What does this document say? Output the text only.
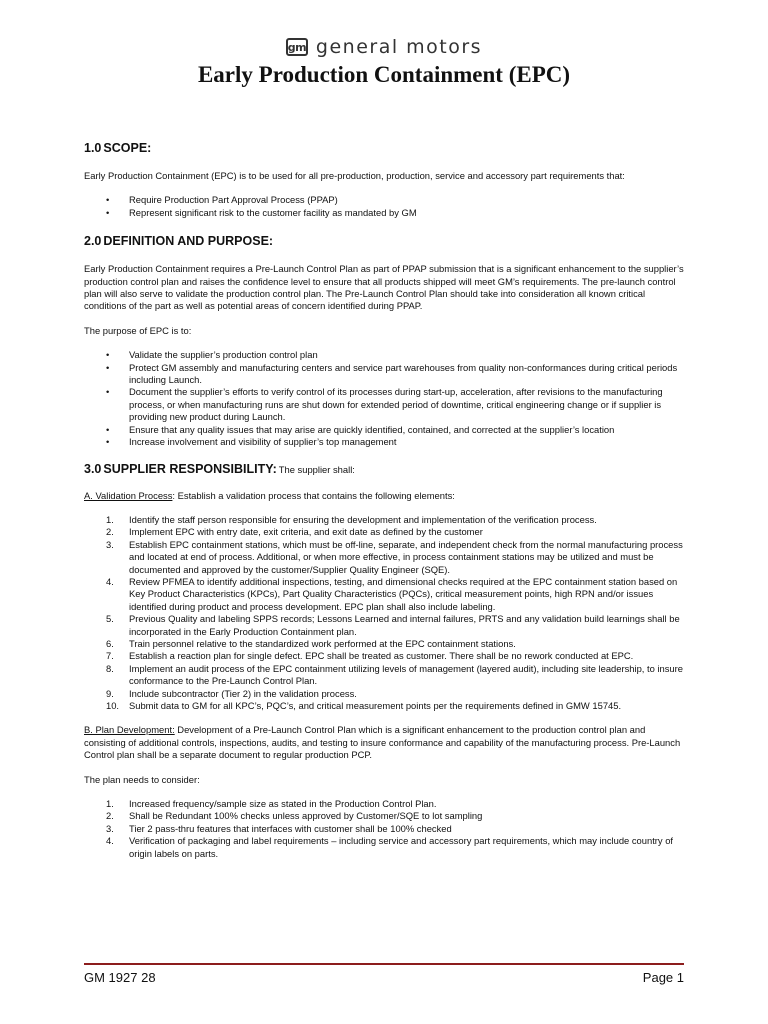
gm general motors
Early Production Containment (EPC)
1.0 SCOPE:

Early Production Containment (EPC) is to be used for all pre-production, production, service and accessory part requirements that:

• Require Production Part Approval Process (PPAP)
• Represent significant risk to the customer facility as mandated by GM
2.0 DEFINITION AND PURPOSE:

Early Production Containment requires a Pre-Launch Control Plan as part of PPAP submission that is a significant enhancement to the supplier’s production control plan and raises the confidence level to ensure that all products shipped will meet GM’s requirements. The pre-launch control plan will also serve to validate the production control plan. The Pre-Launch Control Plan should take into consideration all known critical conditions of the part as well as potential areas of concern identified during PPAP.

The purpose of EPC is to:

• Validate the supplier’s production control plan
• Protect GM assembly and manufacturing centers and service part warehouses from quality non-conformances during critical periods including Launch.
• Document the supplier’s efforts to verify control of its processes during start-up, acceleration, after revisions to the manufacturing process, or when manufacturing runs are shut down for extended period of downtime, critical engineering change or if supplier is providing new product during Launch.
• Ensure that any quality issues that may arise are quickly identified, contained, and corrected at the supplier’s location
• Increase involvement and visibility of supplier’s top management
3.0 SUPPLIER RESPONSIBILITY: The supplier shall:

A. Validation Process: Establish a validation process that contains the following elements:

1. Identify the staff person responsible for ensuring the development and implementation of the verification process.
2. Implement EPC with entry date, exit criteria, and exit date as defined by the customer
3. Establish EPC containment stations, which must be off-line, separate, and independent check from the normal manufacturing process and located at end of process. Additional, or when more effective, in process containment stations may be utilized and must be documented and approved by the customer/Supplier Quality Engineer (SQE).
4. Review PFMEA to identify additional inspections, testing, and dimensional checks required at the EPC containment station based on Key Product Characteristics (KPCs), Part Quality Characteristics (PQCs), critical measurement points, high RPN and/or issues identified during product and process development. EPC plan shall also include labeling.
5. Previous Quality and labeling SPPS records; Lessons Learned and internal failures, PRTS and any validation build learnings shall be incorporated in the Early Production Containment plan.
6. Train personnel relative to the standardized work performed at the EPC containment stations.
7. Establish a reaction plan for single defect. EPC shall be treated as customer. There shall be no rework conducted at EPC.
8. Implement an audit process of the EPC containment utilizing levels of management (layered audit), including site leadership, to insure conformance to the Pre-Launch Control Plan.
9. Include subcontractor (Tier 2) in the validation process.
10. Submit data to GM for all KPC’s, PQC’s, and critical measurement points per the requirements defined in GMW 15745.

B. Plan Development: Development of a Pre-Launch Control Plan which is a significant enhancement to the production control plan and consisting of additional controls, inspections, audits, and testing to insure conformance and capability of the manufacturing process. Pre-Launch Control plan shall be a separate document to regular production PCP.

The plan needs to consider:

1. Increased frequency/sample size as stated in the Production Control Plan.
2. Shall be Redundant 100% checks unless approved by Customer/SQE to lot sampling
3. Tier 2 pass-thru features that interfaces with customer shall be 100% checked
4. Verification of packaging and label requirements – including service and accessory part requirements, which may include country of origin labels on parts.
GM 1927 28	Page 1
